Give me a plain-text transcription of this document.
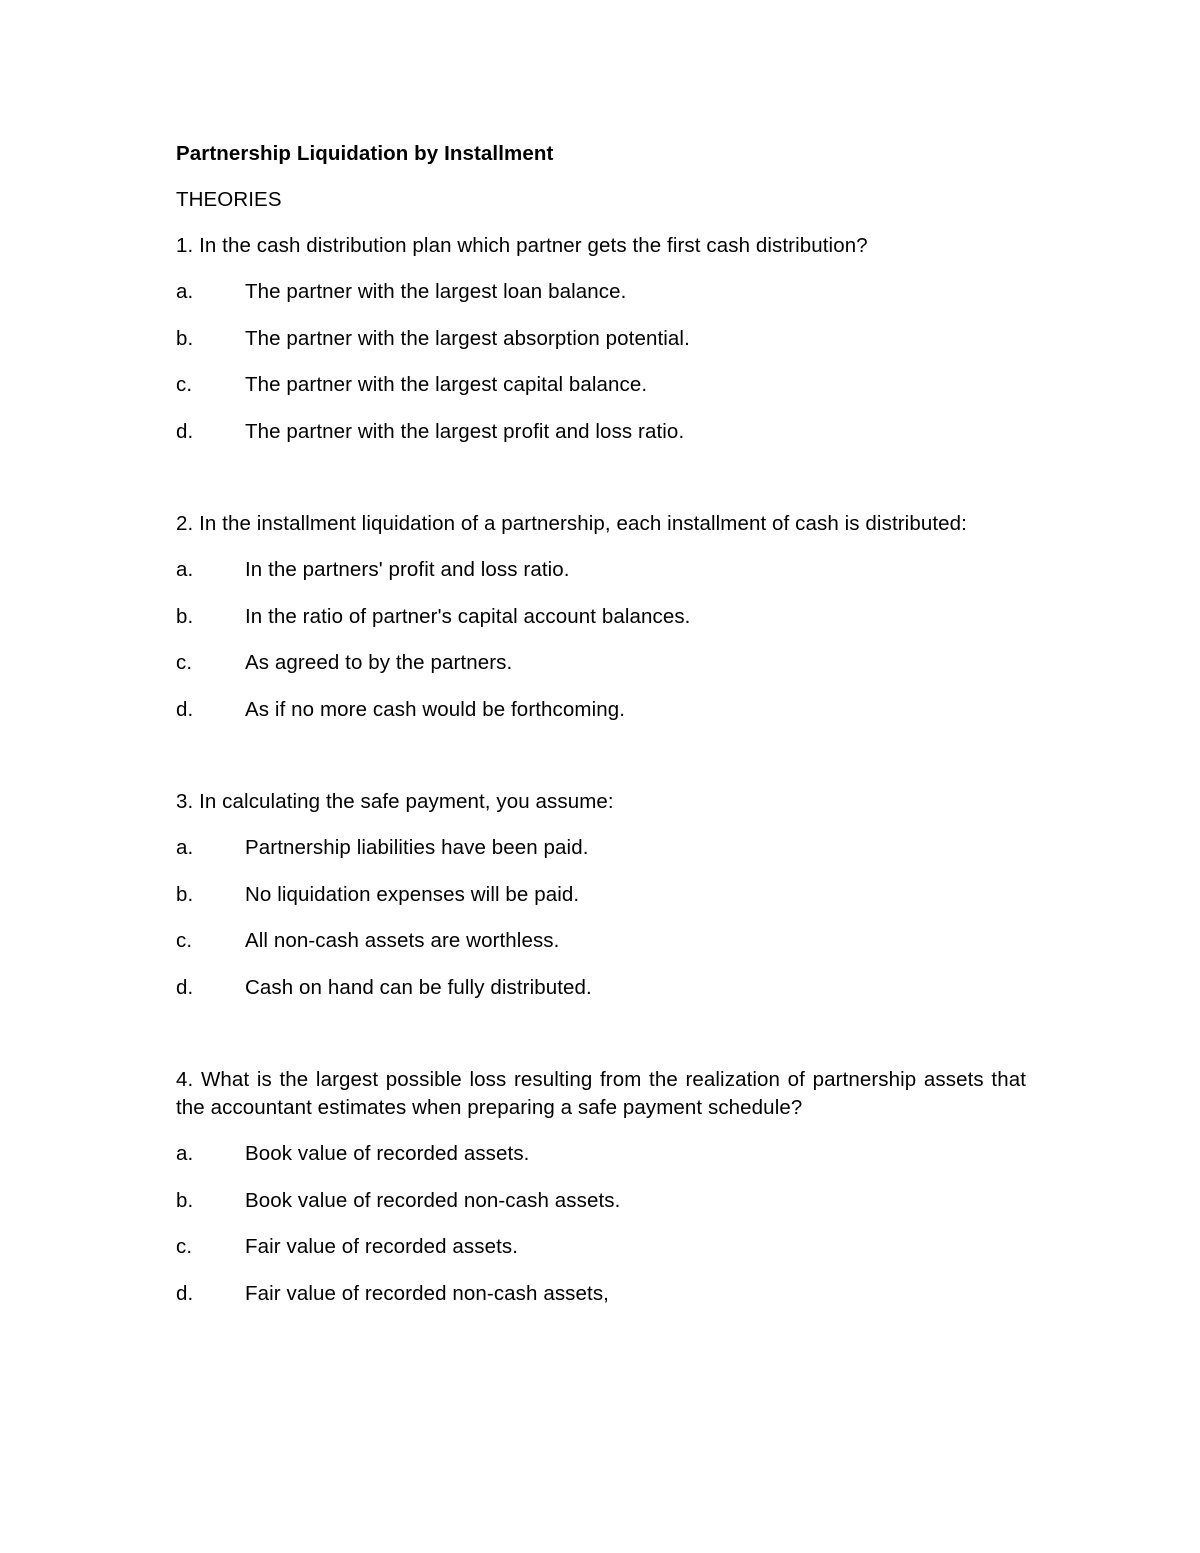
Partnership Liquidation by Installment
THEORIES
1. In the cash distribution plan which partner gets the first cash distribution?
a.	The partner with the largest loan balance.
b.	The partner with the largest absorption potential.
c.	The partner with the largest capital balance.
d.	The partner with the largest profit and loss ratio.
2. In the installment liquidation of a partnership, each installment of cash is distributed:
a.	In the partners' profit and loss ratio.
b.	In the ratio of partner's capital account balances.
c.	As agreed to by the partners.
d.	As if no more cash would be forthcoming.
3. In calculating the safe payment, you assume:
a.	Partnership liabilities have been paid.
b.	No liquidation expenses will be paid.
c.	All non-cash assets are worthless.
d.	Cash on hand can be fully distributed.
4. What is the largest possible loss resulting from the realization of partnership assets that the accountant estimates when preparing a safe payment schedule?
a.	Book value of recorded assets.
b.	Book value of recorded non-cash assets.
c.	Fair value of recorded assets.
d.	Fair value of recorded non-cash assets,
